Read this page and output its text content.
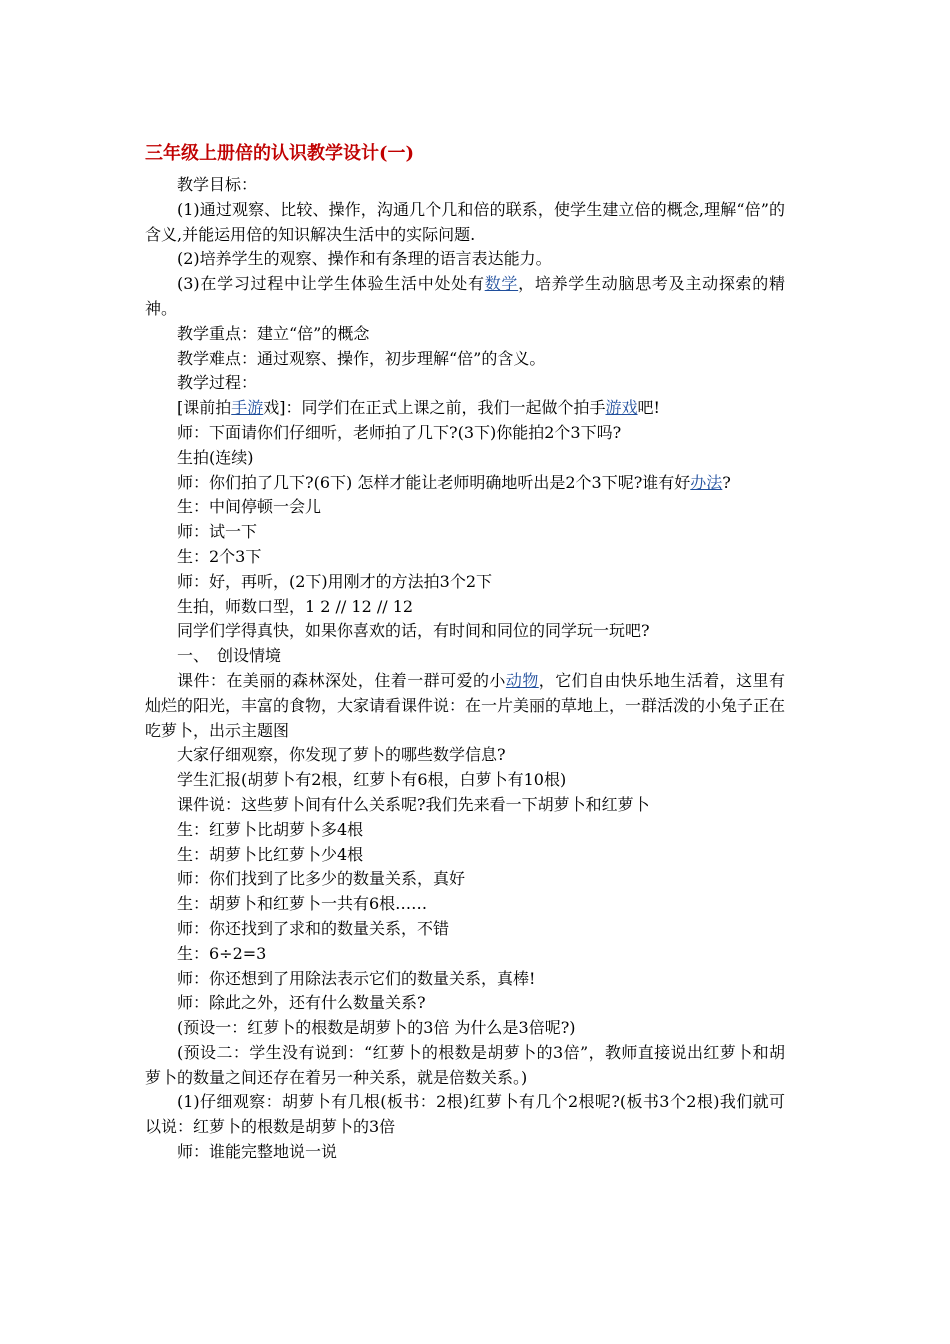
三年级上册倍的认识教学设计(一)

教学目标：

(1)通过观察、比较、操作，沟通几个几和倍的联系，使学生建立倍的概念,理解“倍”的含义,并能运用倍的知识解决生活中的实际问题.

(2)培养学生的观察、操作和有条理的语言表达能力。

(3)在学习过程中让学生体验生活中处处有数学，培养学生动脑思考及主动探索的精神。

教学重点：建立“倍”的概念

教学难点：通过观察、操作，初步理解“倍”的含义。

教学过程：

[课前拍手游戏]：同学们在正式上课之前，我们一起做个拍手游戏吧!

师：下面请你们仔细听，老师拍了几下?(3下)你能拍2个3下吗?

生拍(连续)

师：你们拍了几下?(6下) 怎样才能让老师明确地听出是2个3下呢?谁有好办法?

生：中间停顿一会儿

师：试一下

生：2个3下

师：好，再听，(2下)用刚才的方法拍3个2下

生拍，师数口型，1 2 // 12 // 12

同学们学得真快，如果你喜欢的话，有时间和同位的同学玩一玩吧?

一、　创设情境

课件：在美丽的森林深处，住着一群可爱的小动物，它们自由快乐地生活着，这里有灿烂的阳光，丰富的食物，大家请看课件说：在一片美丽的草地上，一群活泼的小兔子正在吃萝卜，出示主题图

大家仔细观察，你发现了萝卜的哪些数学信息?

学生汇报(胡萝卜有2根，红萝卜有6根，白萝卜有10根)

课件说：这些萝卜间有什么关系呢?我们先来看一下胡萝卜和红萝卜

生：红萝卜比胡萝卜多4根

生：胡萝卜比红萝卜少4根

师：你们找到了比多少的数量关系，真好

生：胡萝卜和红萝卜一共有6根……

师：你还找到了求和的数量关系，不错

生：6÷2=3

师：你还想到了用除法表示它们的数量关系，真棒!

师：除此之外，还有什么数量关系?

(预设一：红萝卜的根数是胡萝卜的3倍 为什么是3倍呢?)

(预设二：学生没有说到：“红萝卜的根数是胡萝卜的3倍”，教师直接说出红萝卜和胡萝卜的数量之间还存在着另一种关系，就是倍数关系。)

(1)仔细观察：胡萝卜有几根(板书：2根)红萝卜有几个2根呢?(板书3个2根)我们就可以说：红萝卜的根数是胡萝卜的3倍

师：谁能完整地说一说
